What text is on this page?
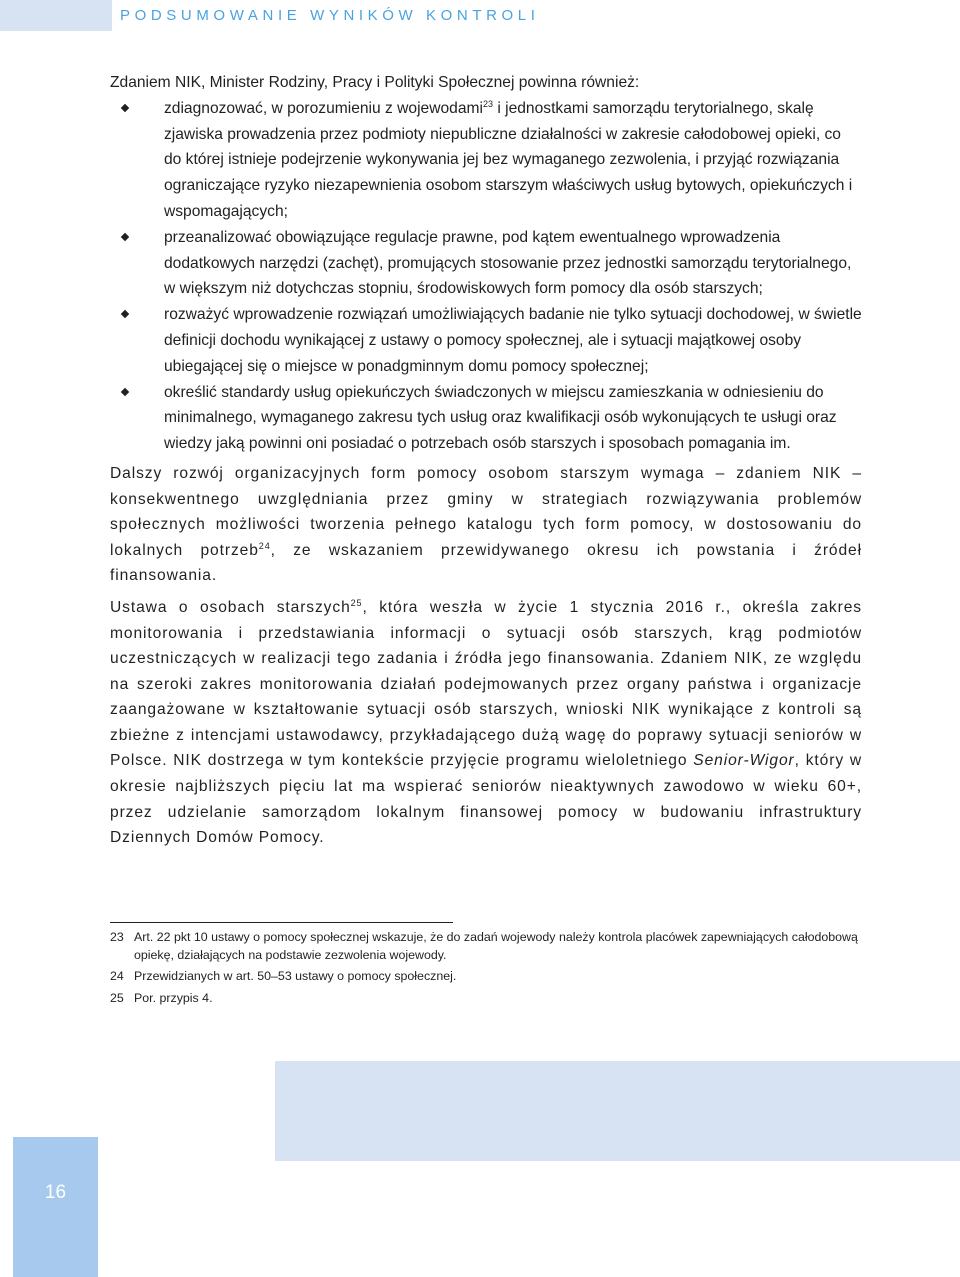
PODSUMOWANIE WYNIKÓW KONTROLI

Zdaniem NIK, Minister Rodziny, Pracy i Polityki Społecznej powinna również:

zdiagnozować, w porozumieniu z wojewodami$^{23}$ i jednostkami samorządu terytorialnego, skalę zjawiska prowadzenia przez podmioty niepubliczne działalności w zakresie całodobowej opieki, co do której istnieje podejrzenie wykonywania jej bez wymaganego zezwolenia, i przyjąć rozwiązania ograniczające ryzyko niezapewnienia osobom starszym właściwych usług bytowych, opiekuńczych i wspomagających;
przeanalizować obowiązujące regulacje prawne, pod kątem ewentualnego wprowadzenia dodatkowych narzędzi (zachęt), promujących stosowanie przez jednostki samorządu terytorialnego, w większym niż dotychczas stopniu, środowiskowych form pomocy dla osób starszych;
rozważyć wprowadzenie rozwiązań umożliwiających badanie nie tylko sytuacji dochodowej, w świetle definicji dochodu wynikającej z ustawy o pomocy społecznej, ale i sytuacji majątkowej osoby ubiegającej się o miejsce w ponadgminnym domu pomocy społecznej;
określić standardy usług opiekuńczych świadczonych w miejscu zamieszkania w odniesieniu do minimalnego, wymaganego zakresu tych usług oraz kwalifikacji osób wykonujących te usługi oraz wiedzy jaką powinni oni posiadać o potrzebach osób starszych i sposobach pomagania im.

Dalszy rozwój organizacyjnych form pomocy osobom starszym wymaga – zdaniem NIK – konsekwentnego uwzględniania przez gminy w strategiach rozwiązywania problemów społecznych możliwości tworzenia pełnego katalogu tych form pomocy, w dostosowaniu do lokalnych potrzeb$^{24}$, ze wskazaniem przewidywanego okresu ich powstania i źródeł finansowania.

Ustawa o osobach starszych$^{25}$, która weszła w życie 1 stycznia 2016 r., określa zakres monitorowania i przedstawiania informacji o sytuacji osób starszych, krąg podmiotów uczestniczących w realizacji tego zadania i źródła jego finansowania. Zdaniem NIK, ze względu na szeroki zakres monitorowania działań podejmowanych przez organy państwa i organizacje zaangażowane w kształtowanie sytuacji osób starszych, wnioski NIK wynikające z kontroli są zbieżne z intencjami ustawodawcy, przykładającego dużą wagę do poprawy sytuacji seniorów w Polsce. NIK dostrzega w tym kontekście przyjęcie programu wieloletniego Senior-Wigor, który w okresie najbliższych pięciu lat ma wspierać seniorów nieaktywnych zawodowo w wieku 60+, przez udzielanie samorządom lokalnym finansowej pomocy w budowaniu infrastruktury Dziennych Domów Pomocy.

23 Art. 22 pkt 10 ustawy o pomocy społecznej wskazuje, że do zadań wojewody należy kontrola placówek zapewniających całodobową opiekę, działających na podstawie zezwolenia wojewody.
24 Przewidzianych w art. 50–53 ustawy o pomocy społecznej.
25 Por. przypis 4.
16
